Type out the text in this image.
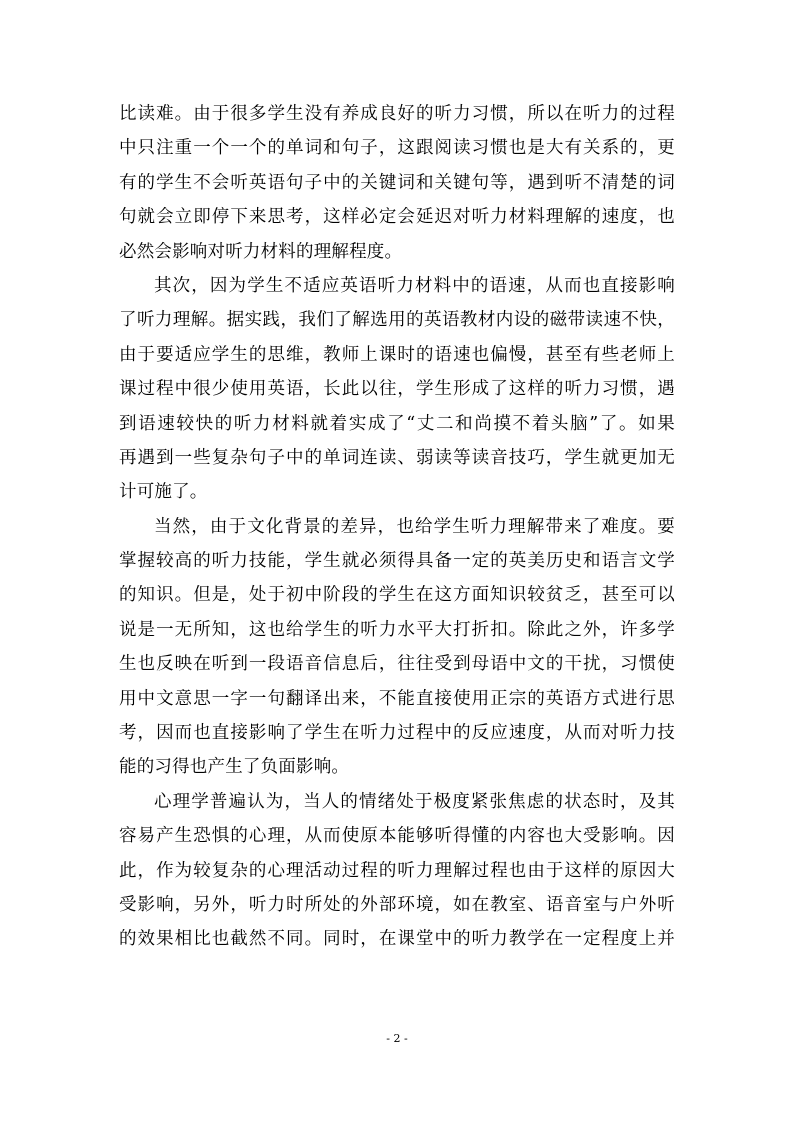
比读难。由于很多学生没有养成良好的听力习惯，所以在听力的过程
中只注重一个一个的单词和句子，这跟阅读习惯也是大有关系的，更
有的学生不会听英语句子中的关键词和关键句等，遇到听不清楚的词
句就会立即停下来思考，这样必定会延迟对听力材料理解的速度，也
必然会影响对听力材料的理解程度。
其次，因为学生不适应英语听力材料中的语速，从而也直接影响
了听力理解。据实践，我们了解选用的英语教材内设的磁带读速不快，
由于要适应学生的思维，教师上课时的语速也偏慢，甚至有些老师上
课过程中很少使用英语，长此以往，学生形成了这样的听力习惯，遇
到语速较快的听力材料就着实成了“丈二和尚摸不着头脑”了。如果
再遇到一些复杂句子中的单词连读、弱读等读音技巧，学生就更加无
计可施了。
当然，由于文化背景的差异，也给学生听力理解带来了难度。要
掌握较高的听力技能，学生就必须得具备一定的英美历史和语言文学
的知识。但是，处于初中阶段的学生在这方面知识较贫乏，甚至可以
说是一无所知，这也给学生的听力水平大打折扣。除此之外，许多学
生也反映在听到一段语音信息后，往往受到母语中文的干扰，习惯使
用中文意思一字一句翻译出来，不能直接使用正宗的英语方式进行思
考，因而也直接影响了学生在听力过程中的反应速度，从而对听力技
能的习得也产生了负面影响。
心理学普遍认为，当人的情绪处于极度紧张焦虑的状态时，及其
容易产生恐惧的心理，从而使原本能够听得懂的内容也大受影响。因
此，作为较复杂的心理活动过程的听力理解过程也由于这样的原因大
受影响，另外，听力时所处的外部环境，如在教室、语音室与户外听
的效果相比也截然不同。同时，在课堂中的听力教学在一定程度上并
- 2 -
